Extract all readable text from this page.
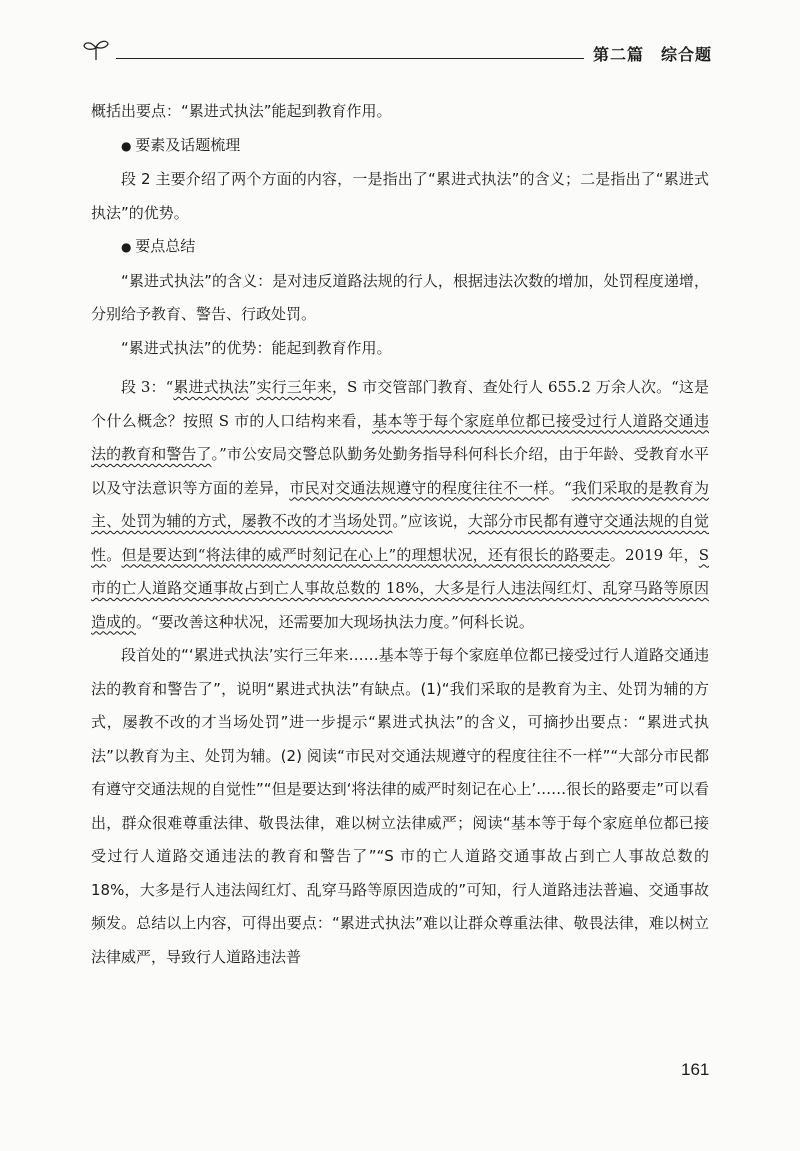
第二篇　综合题

概括出要点：“累进式执法”能起到教育作用。

● 要素及话题梳理

段 2 主要介绍了两个方面的内容，一是指出了“累进式执法”的含义；二是指出了“累进式执法”的优势。

● 要点总结

“累进式执法”的含义：是对违反道路法规的行人，根据违法次数的增加，处罚程度递增，分别给予教育、警告、行政处罚。

“累进式执法”的优势：能起到教育作用。

段 3：“累进式执法”实行三年来，S 市交管部门教育、查处行人 655.2 万余人次。“这是个什么概念？按照 S 市的人口结构来看，基本等于每个家庭单位都已接受过行人道路交通违法的教育和警告了。”市公安局交警总队勤务处勤务指导科何科长介绍，由于年龄、受教育水平以及守法意识等方面的差异，市民对交通法规遵守的程度往往不一样。“我们采取的是教育为主、处罚为辅的方式，屡教不改的才当场处罚。”应该说，大部分市民都有遵守交通法规的自觉性。但是要达到“将法律的威严时刻记在心上”的理想状况，还有很长的路要走。2019 年，S 市的亡人道路交通事故占到亡人事故总数的 18%，大多是行人违法闯红灯、乱穿马路等原因造成的。“要改善这种状况，还需要加大现场执法力度。”何科长说。

段首处的“‘累进式执法’实行三年来……基本等于每个家庭单位都已接受过行人道路交通违法的教育和警告了”，说明“累进式执法”有缺点。(1)“我们采取的是教育为主、处罚为辅的方式，屡教不改的才当场处罚”进一步提示“累进式执法”的含义，可摘抄出要点：“累进式执法”以教育为主、处罚为辅。(2) 阅读“市民对交通法规遵守的程度往往不一样”“大部分市民都有遵守交通法规的自觉性”“但是要达到‘将法律的威严时刻记在心上’……很长的路要走”可以看出，群众很难尊重法律、敬畏法律，难以树立法律威严；阅读“基本等于每个家庭单位都已接受过行人道路交通违法的教育和警告了”“S 市的亡人道路交通事故占到亡人事故总数的 18%，大多是行人违法闯红灯、乱穿马路等原因造成的”可知，行人道路违法普遍、交通事故频发。总结以上内容，可得出要点：“累进式执法”难以让群众尊重法律、敬畏法律，难以树立法律威严，导致行人道路违法普

161
